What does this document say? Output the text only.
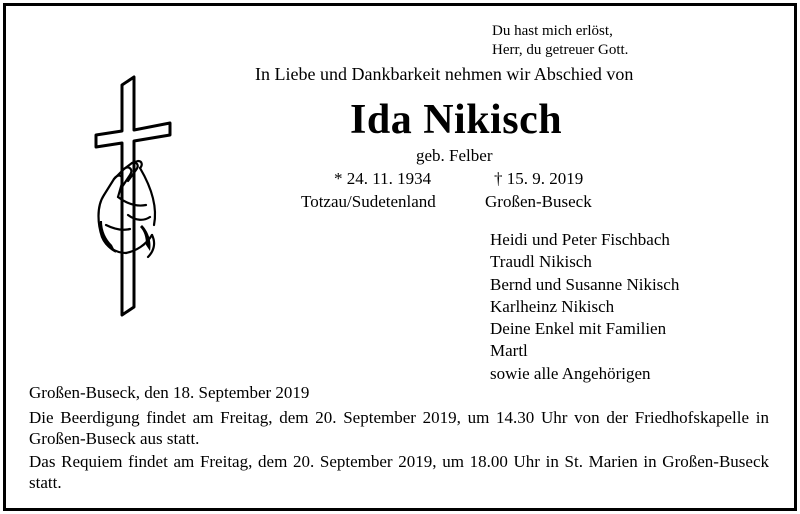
Du hast mich erlöst,
Herr, du getreuer Gott.
In Liebe und Dankbarkeit nehmen wir Abschied von
Ida Nikisch
geb. Felber
* 24. 11. 1934	† 15. 9. 2019
Totzau/Sudetenland	Großen-Buseck
Heidi und Peter Fischbach
Traudl Nikisch
Bernd und Susanne Nikisch
Karlheinz Nikisch
Deine Enkel mit Familien
Martl
sowie alle Angehörigen
Großen-Buseck, den 18. September 2019
Die Beerdigung findet am Freitag, dem 20. September 2019, um 14.30 Uhr von der Friedhofskapelle in Großen-Buseck aus statt.
Das Requiem findet am Freitag, dem 20. September 2019, um 18.00 Uhr in St. Marien in Großen-Buseck statt.
